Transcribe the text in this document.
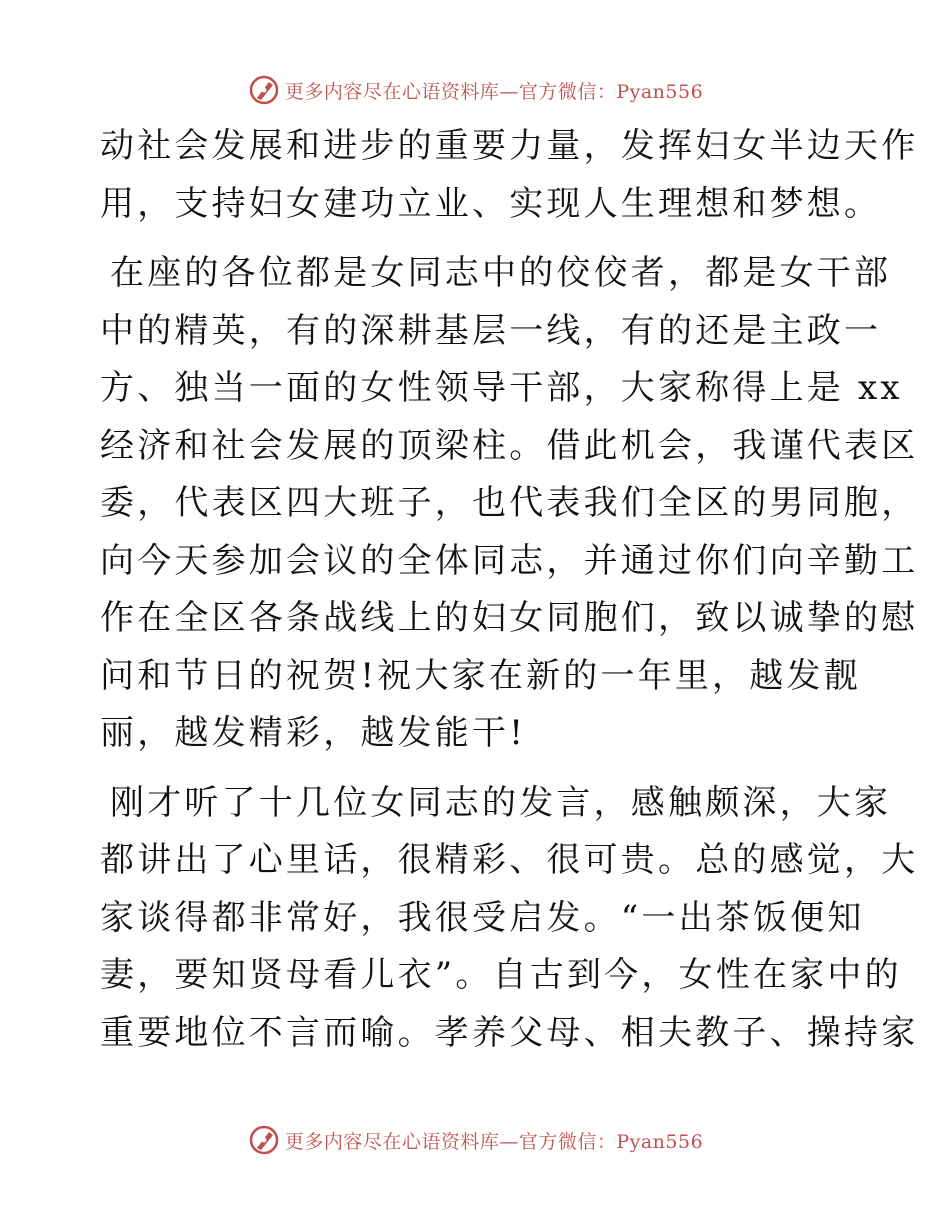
更多内容尽在心语资料库—官方微信：Pyan556

动社会发展和进步的重要力量，发挥妇女半边天作
用，支持妇女建功立业、实现人生理想和梦想。

在座的各位都是女同志中的佼佼者，都是女干部
中的精英，有的深耕基层一线，有的还是主政一
方、独当一面的女性领导干部，大家称得上是 xx
经济和社会发展的顶梁柱。借此机会，我谨代表区
委，代表区四大班子，也代表我们全区的男同胞，
向今天参加会议的全体同志，并通过你们向辛勤工
作在全区各条战线上的妇女同胞们，致以诚挚的慰
问和节日的祝贺!祝大家在新的一年里，越发靓
丽，越发精彩，越发能干!

刚才听了十几位女同志的发言，感触颇深，大家
都讲出了心里话，很精彩、很可贵。总的感觉，大
家谈得都非常好，我很受启发。“一出茶饭便知
妻，要知贤母看儿衣”。自古到今，女性在家中的
重要地位不言而喻。孝养父母、相夫教子、操持家

更多内容尽在心语资料库—官方微信：Pyan556
